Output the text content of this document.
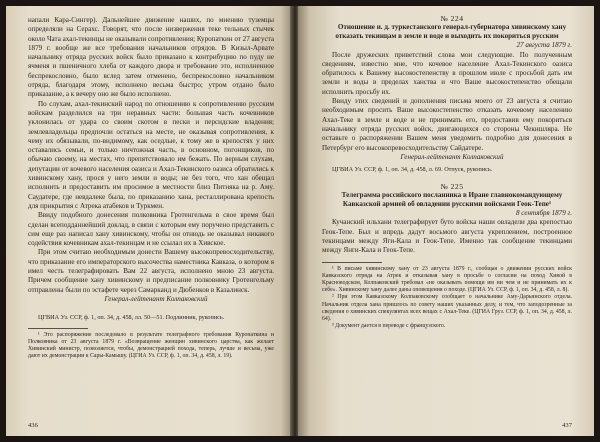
напали Кара-Сингер). Дальнейшее движение наших, по мнению туземцы определяли на Серахс. Говорят, что после низверження теке тельных стычек около Чата ахал-текинцы не оказывали сопротивления; Куропаткин от 27 августа 1879 г. вообще же все требования начальников отрядов. В Кизыл-Арвате начальнику отряда русских войск было приказано к контрибуцию по пуду не ячменя и пшеничного хлеба от каждого двора и требование это, исполненное беспрекословно, было вслед затем отменено, беспрекословно начальником отряда, благодаря этому, исполнено весьма быстро; утром отдано было приказание, а к вечеру оно же было исполнено.

По слухам, ахал-текинский народ по отношению к сопротивлению русским войскам разделился на три неравных части: большая часть кочевников уклонилась от удара со своим скотом в пески и персидские владения; землевладельцы предпочли остаться на месте, не оказывая сопротивления, к чему их обязывали, по-видимому, как оседлые, к тому же в крепостях у них оставались семьи, и только ничтожная часть, в основном, погонщиков, по обычаю своему, на местах, что препятствовало им бежать. По верным слухам, депутации от кочевого населения оазиса и Ахал-Текинского оазиса обратились к хивинскому хану, прося у него земли и воды; не без того, что хан обещал исполнить и предоставить им просимое в местности близ Питняка на р. Аму. Саудатере, где невдалеке была, по приказанию хана, ресталлирована крепость для прикрытия с Атрека атабеков и Туркмен.

Ввиду подобного донесения полковника Гротенгельма в свое время был сделан всеподданнейший доклад, в связи с которым ему поручено представить с сим еще раз написал хану хивинскому, чтобы он отнюдь не оказывал никакого содействия кочевникам ахал-текинцам и не ссылал их в Хивское.

При этом считаю необходимым донести Вашему высокопревосходительству, что приказание его императорского высочества наместника Кавказа, о котором я имел честь телеграфировать Вам 22 августа, исполнено мною 23 августа. Причем сообщение хану хивинскому и предписание полковнику Гротенгельму отправлены были по эстафете через Самарканд и Дюбенков в Казалинск.

Генерал-лейтенант Колпаковский

ЦГВИА Уз. ССР, ф. 1, оп. 34, д. 458, лл. 50—51. Подлинник, рукопись.

¹ Это распоряжение последовало в результате телеграфного требования Куропаткина и Полковника от 23 августа 1879 г. «Возвращение женщин хивинского царства, как желает Хивинский министр, позволяется, чтобы, демонстрацией похода, теперь, лучше и весьма, уже дают их демонстрации к Сары-Камышу. (ЦГИА Уз. ССР, ф. 1, оп. 34, д. 458, л. 19).

436

№ 224

Отношение и. д. туркестанского генерал-губернатора хивинскому хану отказать текинцам в земле и воде и выходить их покориться русским

27 августа 1879 г.

После дружеских приветствий слова мои следующие. По полученным сведениям, известно мне, что кочевое население Ахал-Текинского оазиса обратилось к Вашему высокостепенству в прошлом июле с просьбой дать им земли и воды в пределах ханства и что Ваше высокостепенство обещали исполнить просьбу их.

Ввиду этих сведений и дополнения письма моего от 23 августа я считаю необходимым просить Ваше высокостепенство отказать кочевому населению Ахал-Теке в земле и воде и не принимать его, предоставив ему покориться начальнику отряда русских войск, двигающихся со стороны Чекишляра. Не оставьте о распоряжении Вашем меня уведомить подробно для донесения в Петербург его высокопревосходительству Сайдатере.

Генерал-лейтенант Колпаковский

ЦГВИА Уз. ССР, ф. 1, оп. 34, д. 458, л. 69. Отпуск, рукопись.

№ 225

Телеграмма российского посланника в Иране главнокомандующему Кавказской армией об овладении русскими войсками Геок-Тепе¹

8 сентября 1879 г.

Кучанский ильхани телеграфирует буто войска наши овладели два крепостью Геок-Тепе. Был и впредь дадут восьмого августа укреплением, построенное текинцами между Яги-Кала и Геок-Тепе. Именно так сообщение текинцами между Янги-Кала и Геок-Тепе.

¹ В письме хивинскому хану от 23 августа 1879 г., сообщая о движении русских войск Кавказского отряда на Атрек и отказывая хану в просьбе о согласии на поход Хивой в Красноводском, Колпаковский требовал «не оказывать помощи им ни чем и не принимать их к себе». Хивинскому хану далее даны оповещения о походе. (ЦГИА Уз. ССР, ф. 1, оп. 34, д. 458, л. 8).

² При этом Кавказскому Колпаковскому сообщает о начальнике Аму-Дарьинского отдела. Начальник отдела хана пришлось по совету наших указанных делу, и тем, что заподозренные за сведения о хивинских спекулянтах всех вещах с Ахал-Теке. (ЦГИА Груз. ССР, ф. 1, оп. 34, д. 458, л. 64).

³ Документ дается в переводе с французского.

437
